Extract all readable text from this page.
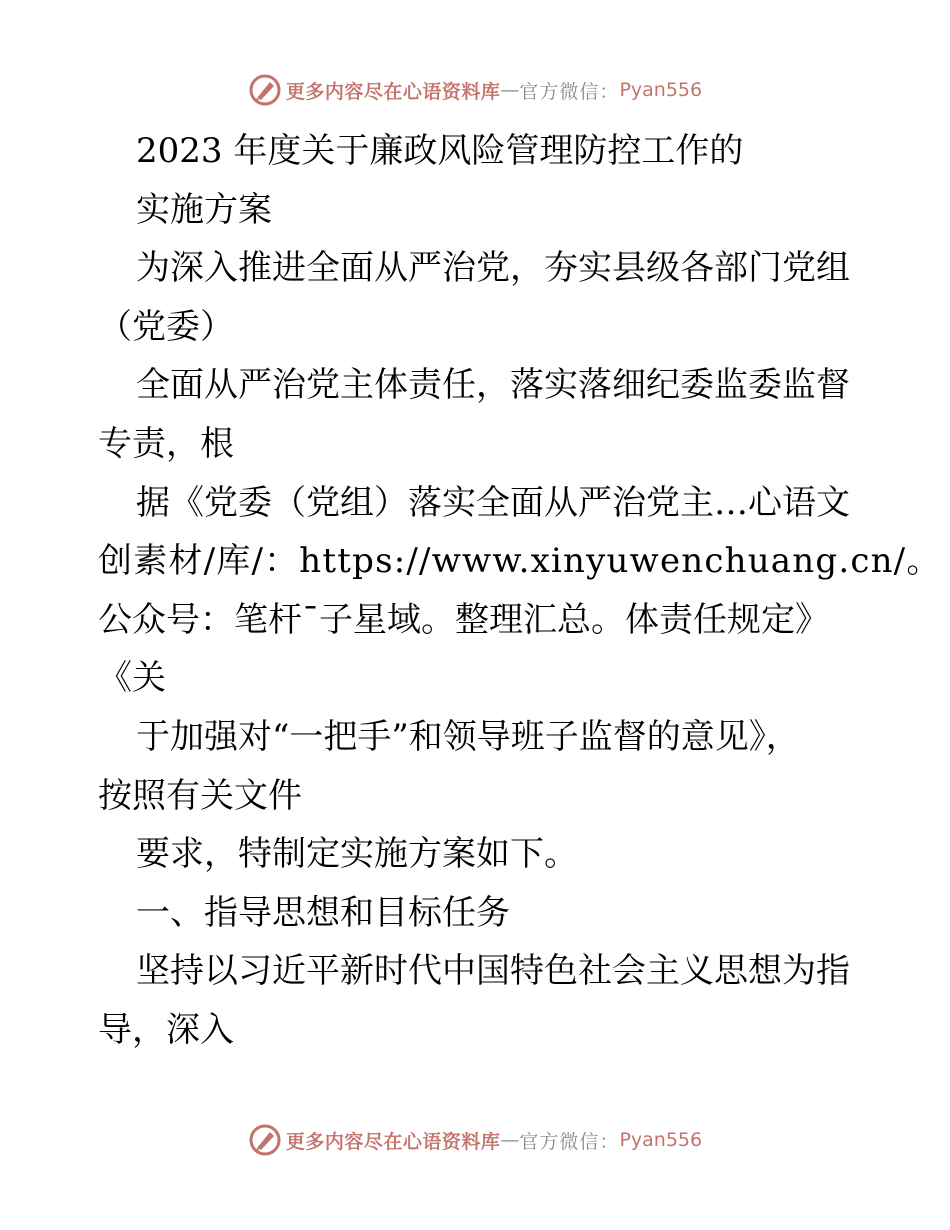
更多内容尽在心语资料库 — 官方微信： Pyan556
2023 年度关于廉政风险管理防控工作的
实施方案
为深入推进全面从严治党，夯实县级各部门党组
（党委）
全面从严治党主体责任，落实落细纪委监委监督
专责，根
据《党委（党组）落实全面从严治党主…心语文
创素材/库/：https://www.xinyuwenchuang.cn/。
公众号：笔杆ˉ子星域。整理汇总。体责任规定》
《关
于加强对“一把手”和领导班子监督的意见》，
按照有关文件
要求，特制定实施方案如下。
一、指导思想和目标任务
坚持以习近平新时代中国特色社会主义思想为指
导，深入
更多内容尽在心语资料库 — 官方微信： Pyan556
